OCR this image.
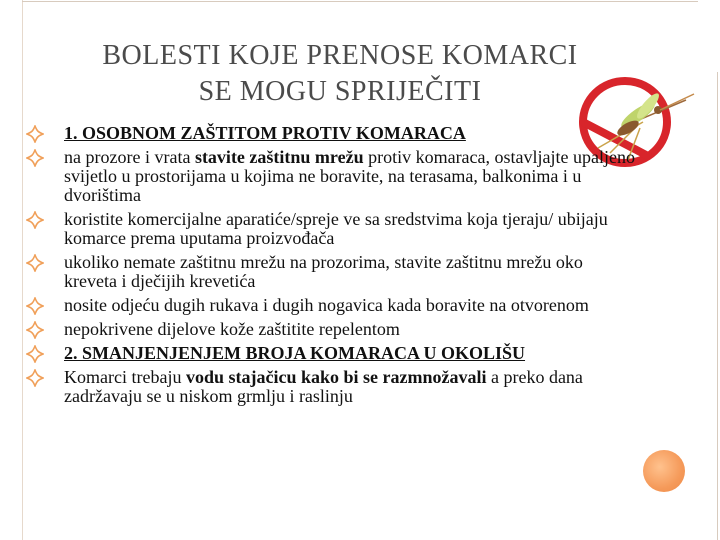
BOLESTI KOJE PRENOSE KOMARCI
SE MOGU SPRIJEČITI
1. OSOBNOM ZAŠTITOM PROTIV KOMARACA
na prozore i vrata stavite zaštitnu mrežu protiv komaraca, ostavljajte upaljeno svijetlo u prostorijama u kojima ne boravite, na terasama, balkonima i u dvorištima
koristite komercijalne aparatiće/spreje ve sa sredstvima koja tjeraju/ ubijaju komarce prema uputama proizvođača
ukoliko nemate zaštitnu mrežu na prozorima, stavite zaštitnu mrežu oko kreveta i dječijih krevetića
nosite odjeću dugih rukava i dugih nogavica kada boravite na otvorenom
nepokrivene dijelove kože zaštitite repelentom
2. SMANJENJENJEM BROJA KOMARACA U OKOLIŠU
Komarci trebaju vodu stajačicu kako bi se razmnožavali a preko dana zadržavaju se u niskom grmlju i raslinju
